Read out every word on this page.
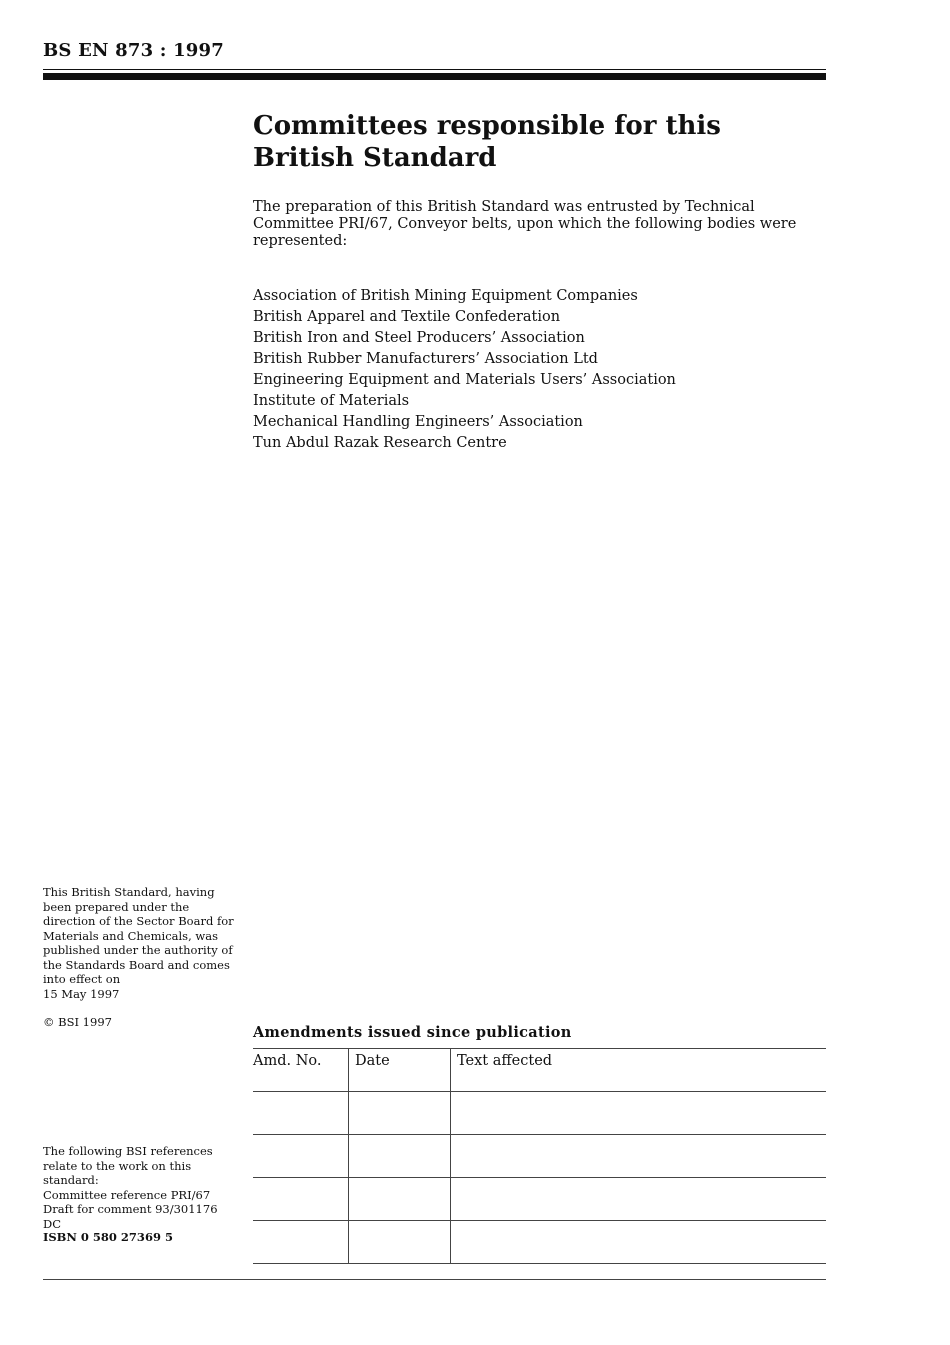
BS EN 873 : 1997
Committees responsible for this
British Standard

The preparation of this British Standard was entrusted by Technical Committee PRI/67, Conveyor belts, upon which the following bodies were represented:

Association of British Mining Equipment Companies
British Apparel and Textile Confederation
British Iron and Steel Producers’ Association
British Rubber Manufacturers’ Association Ltd
Engineering Equipment and Materials Users’ Association
Institute of Materials
Mechanical Handling Engineers’ Association
Tun Abdul Razak Research Centre

This British Standard, having been prepared under the direction of the Sector Board for Materials and Chemicals, was published under the authority of the Standards Board and comes into effect on

15 May 1997

© BSI 1997

The following BSI references relate to the work on this standard:

Committee reference PRI/67

Draft for comment 93/301176 DC

ISBN 0 580 27369 5
Amendments issued since publication
Amd. No.	Date	Text affected
